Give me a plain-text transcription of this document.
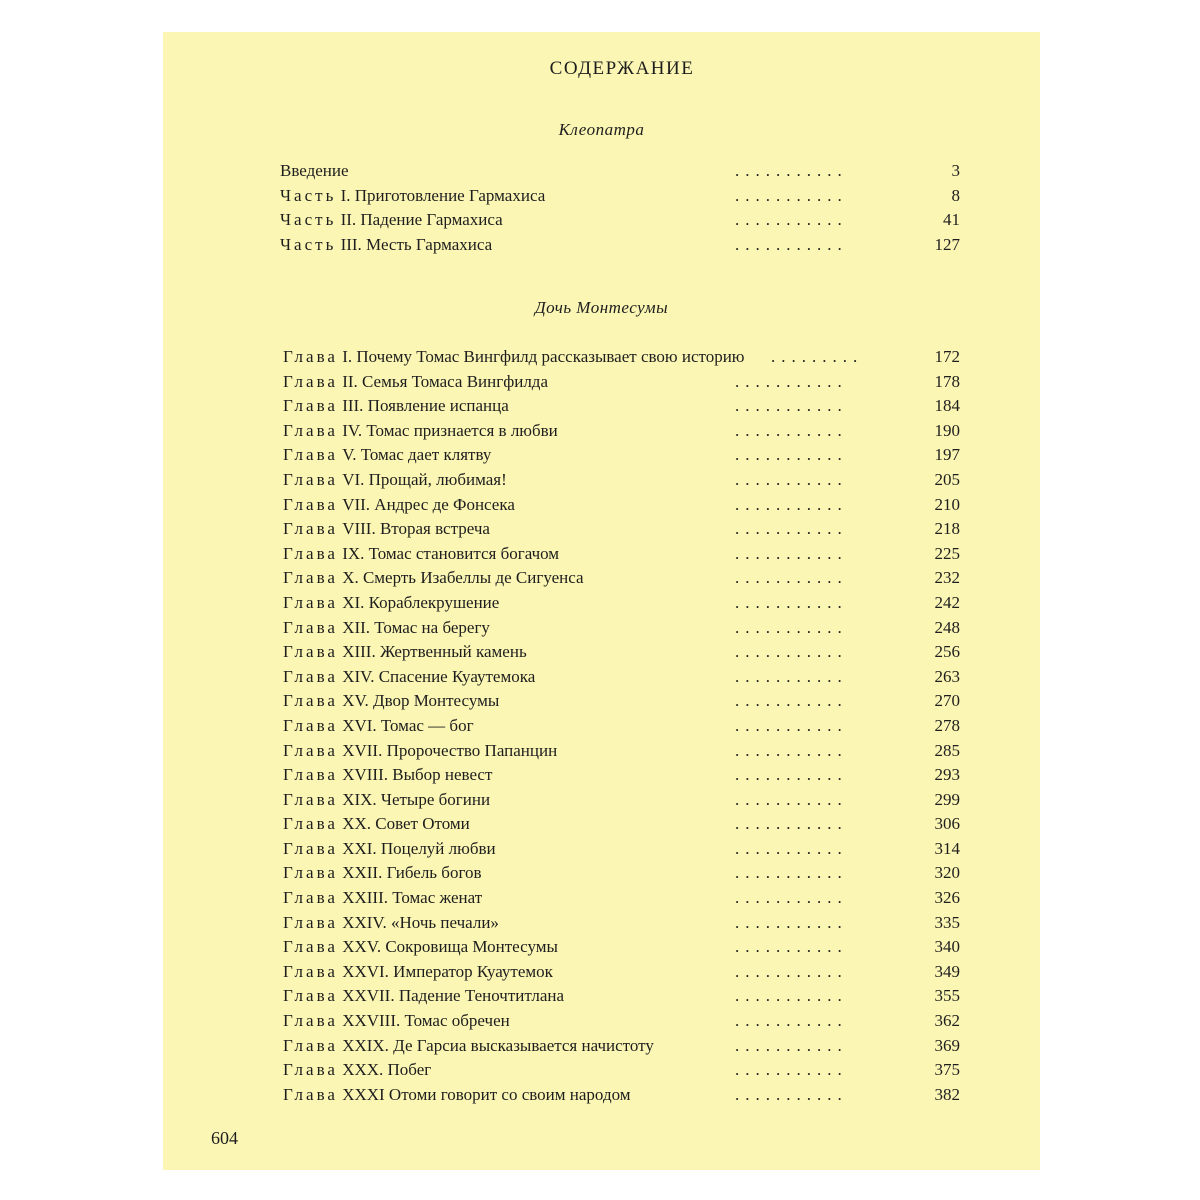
СОДЕРЖАНИЕ
Клеопатра
Введение	...........	3
Часть I. Приготовление Гармахиса	...........	8
Часть II. Падение Гармахиса	...........	41
Часть III. Месть Гармахиса	...........	127
Дочь Монтесумы
Глава I. Почему Томас Вингфилд рассказывает свою историю .........	172
Глава II. Семья Томаса Вингфилда	...........	178
Глава III. Появление испанца	...........	184
Глава IV. Томас признается в любви	...........	190
Глава V. Томас дает клятву	...........	197
Глава VI. Прощай, любимая!	...........	205
Глава VII. Андрес де Фонсека	...........	210
Глава VIII. Вторая встреча	...........	218
Глава IX. Томас становится богачом	...........	225
Глава X. Смерть Изабеллы де Сигуенса	...........	232
Глава XI. Кораблекрушение	...........	242
Глава XII. Томас на берегу	...........	248
Глава XIII. Жертвенный камень	...........	256
Глава XIV. Спасение Куаутемока	...........	263
Глава XV. Двор Монтесумы	...........	270
Глава XVI. Томас — бог	...........	278
Глава XVII. Пророчество Папанцин	...........	285
Глава XVIII. Выбор невест	...........	293
Глава XIX. Четыре богини	...........	299
Глава XX. Совет Отоми	...........	306
Глава XXI. Поцелуй любви	...........	314
Глава XXII. Гибель богов	...........	320
Глава XXIII. Томас женат	...........	326
Глава XXIV. «Ночь печали»	...........	335
Глава XXV. Сокровища Монтесумы	...........	340
Глава XXVI. Император Куаутемок	...........	349
Глава XXVII. Падение Теночтитлана	...........	355
Глава XXVIII. Томас обречен	...........	362
Глава XXIX. Де Гарсиа высказывается начистоту	...........	369
Глава XXX. Побег	...........	375
Глава XXXI Отоми говорит со своим народом	...........	382
604
